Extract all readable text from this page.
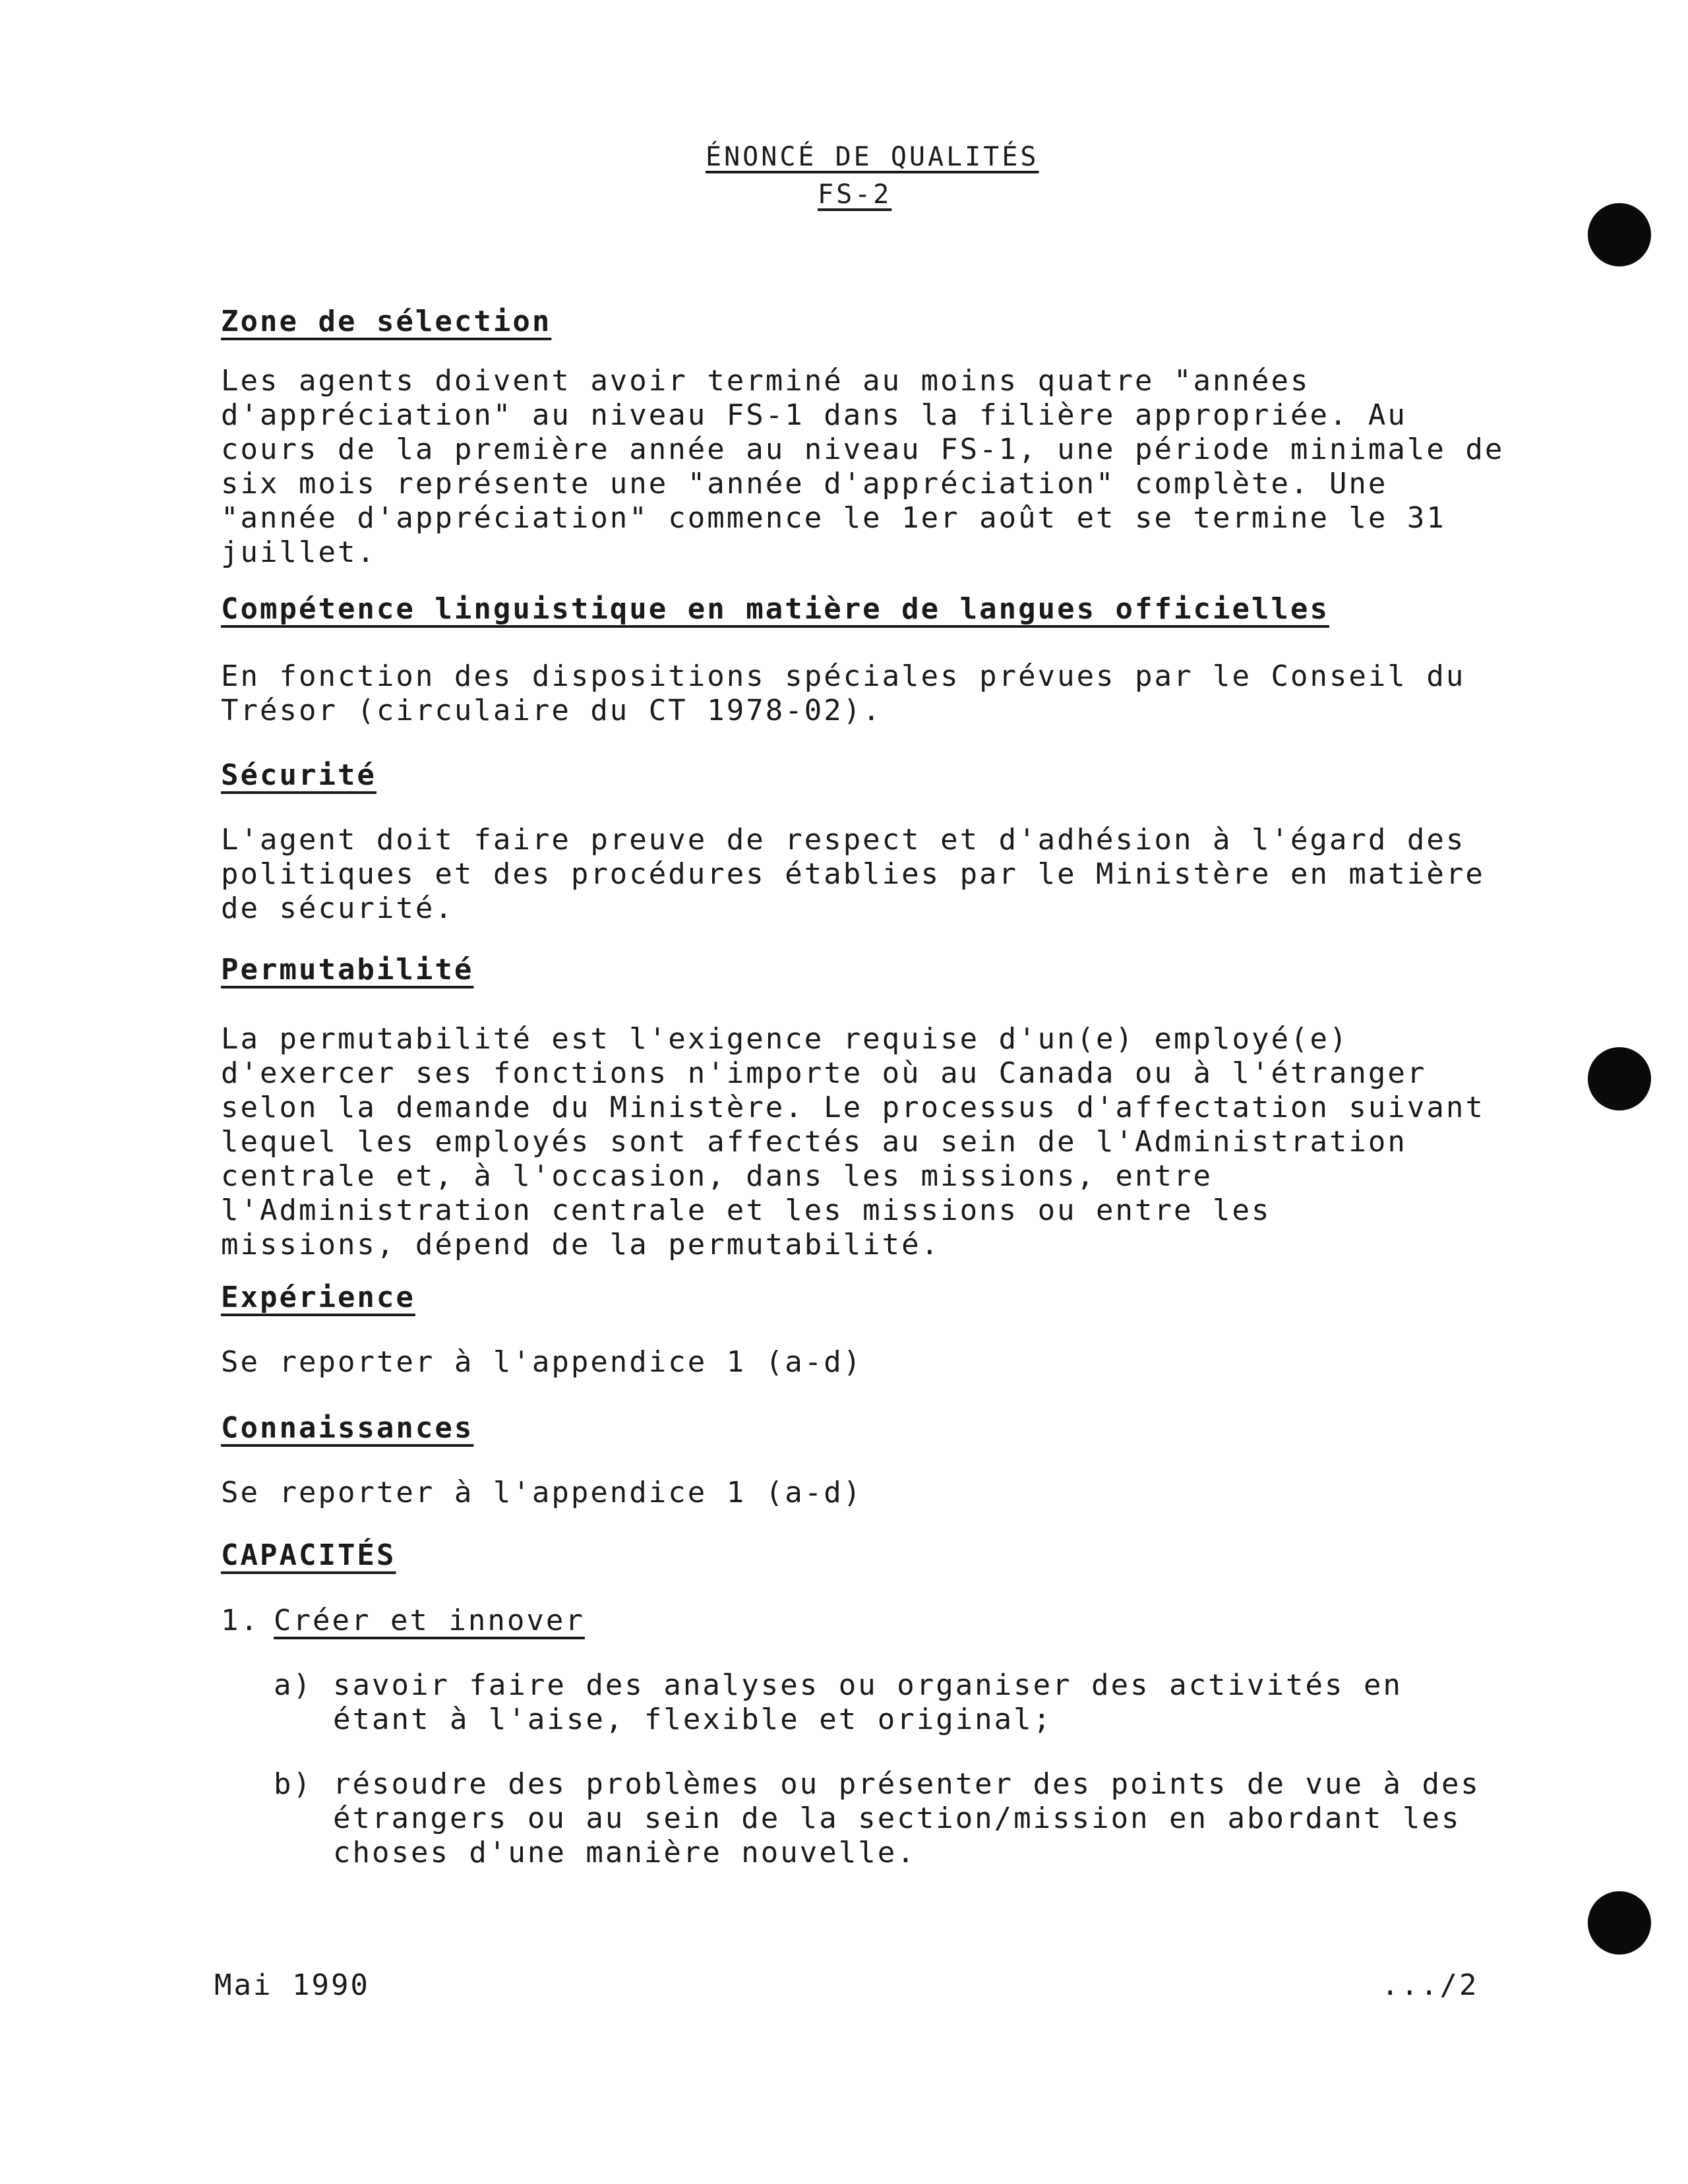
ÉNONCÉ DE QUALITÉS
FS-2
Zone de sélection
Les agents doivent avoir terminé au moins quatre "années
d'appréciation" au niveau FS-1 dans la filière appropriée. Au
cours de la première année au niveau FS-1, une période minimale de
six mois représente une "année d'appréciation" complète. Une
"année d'appréciation" commence le 1er août et se termine le 31
juillet.
Compétence linguistique en matière de langues officielles
En fonction des dispositions spéciales prévues par le Conseil du
Trésor (circulaire du CT 1978-02).
Sécurité
L'agent doit faire preuve de respect et d'adhésion à l'égard des
politiques et des procédures établies par le Ministère en matière
de sécurité.
Permutabilité
La permutabilité est l'exigence requise d'un(e) employé(e)
d'exercer ses fonctions n'importe où au Canada ou à l'étranger
selon la demande du Ministère. Le processus d'affectation suivant
lequel les employés sont affectés au sein de l'Administration
centrale et, à l'occasion, dans les missions, entre
l'Administration centrale et les missions ou entre les
missions, dépend de la permutabilité.
Expérience
Se reporter à l'appendice 1 (a-d)
Connaissances
Se reporter à l'appendice 1 (a-d)
CAPACITÉS
1. Créer et innover
a) savoir faire des analyses ou organiser des activités en
étant à l'aise, flexible et original;
b) résoudre des problèmes ou présenter des points de vue à des
étrangers ou au sein de la section/mission en abordant les
choses d'une manière nouvelle.
Mai 1990	.../2
